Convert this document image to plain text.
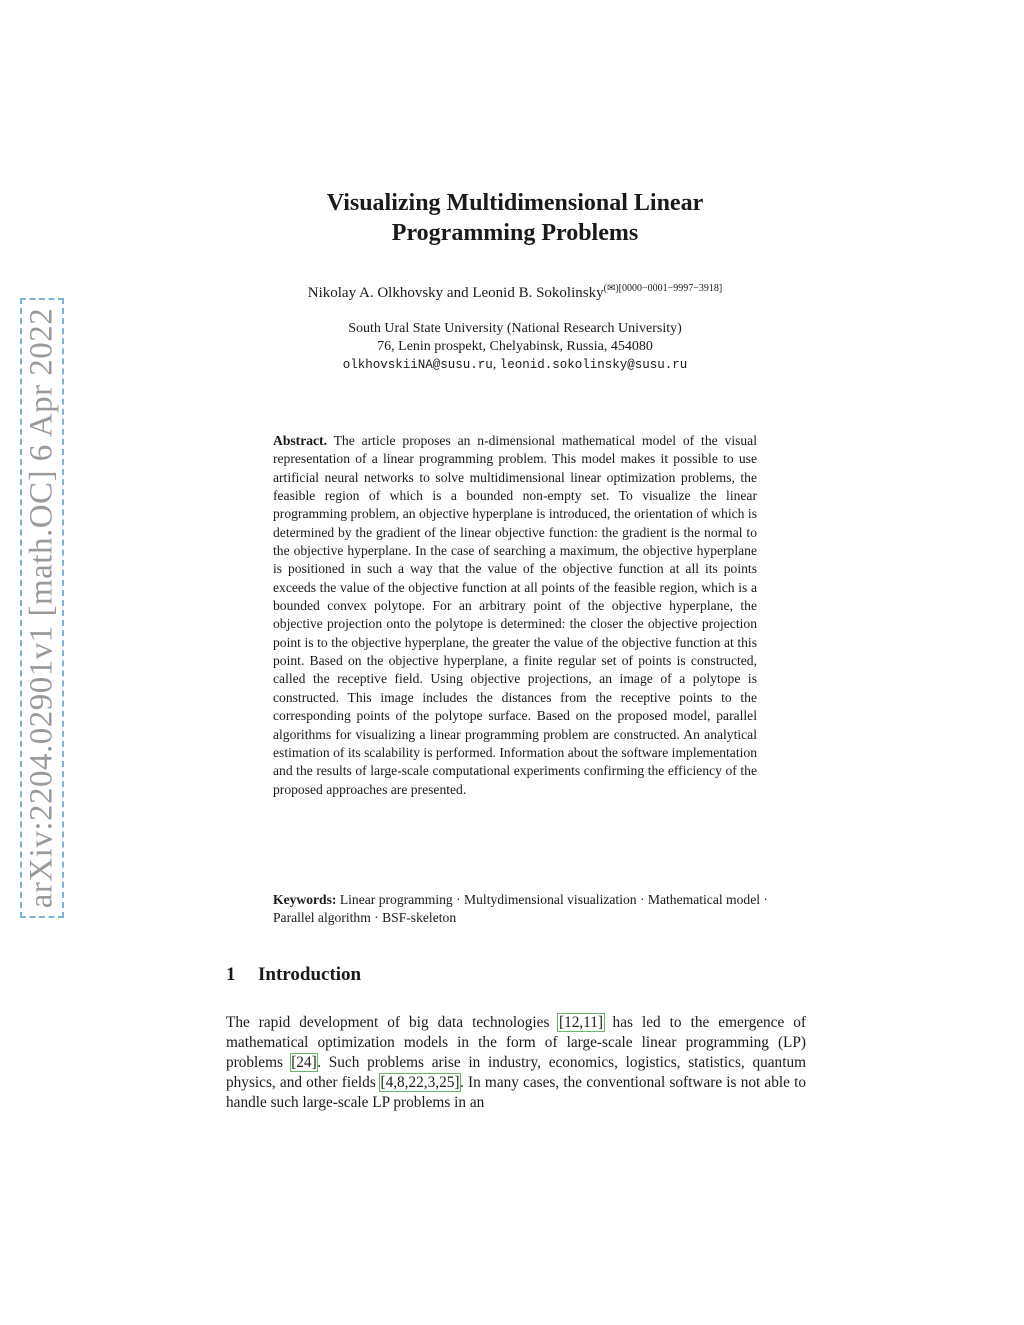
arXiv:2204.02901v1 [math.OC] 6 Apr 2022
Visualizing Multidimensional Linear
Programming Problems
Nikolay A. Olkhovsky and Leonid B. Sokolinsky$^{(✉)[0000-0001-9997-3918]}$
South Ural State University (National Research University)
76, Lenin prospekt, Chelyabinsk, Russia, 454080
olkhovskiiNA@susu.ru, leonid.sokolinsky@susu.ru
Abstract. The article proposes an n-dimensional mathematical model of the visual representation of a linear programming problem. This model makes it possible to use artificial neural networks to solve multidimensional linear optimization problems, the feasible region of which is a bounded non-empty set. To visualize the linear programming problem, an objective hyperplane is introduced, the orientation of which is determined by the gradient of the linear objective function: the gradient is the normal to the objective hyperplane. In the case of searching a maximum, the objective hyperplane is positioned in such a way that the value of the objective function at all its points exceeds the value of the objective function at all points of the feasible region, which is a bounded convex polytope. For an arbitrary point of the objective hyperplane, the objective projection onto the polytope is determined: the closer the objective projection point is to the objective hyperplane, the greater the value of the objective function at this point. Based on the objective hyperplane, a finite regular set of points is constructed, called the receptive field. Using objective projections, an image of a polytope is constructed. This image includes the distances from the receptive points to the corresponding points of the polytope surface. Based on the proposed model, parallel algorithms for visualizing a linear programming problem are constructed. An analytical estimation of its scalability is performed. Information about the software implementation and the results of large-scale computational experiments confirming the efficiency of the proposed approaches are presented.
Keywords: Linear programming · Multydimensional visualization · Mathematical model · Parallel algorithm · BSF-skeleton
1 Introduction
The rapid development of big data technologies [12,11] has led to the emergence of mathematical optimization models in the form of large-scale linear programming (LP) problems [24]. Such problems arise in industry, economics, logistics, statistics, quantum physics, and other fields [4,8,22,3,25]. In many cases, the conventional software is not able to handle such large-scale LP problems in an
